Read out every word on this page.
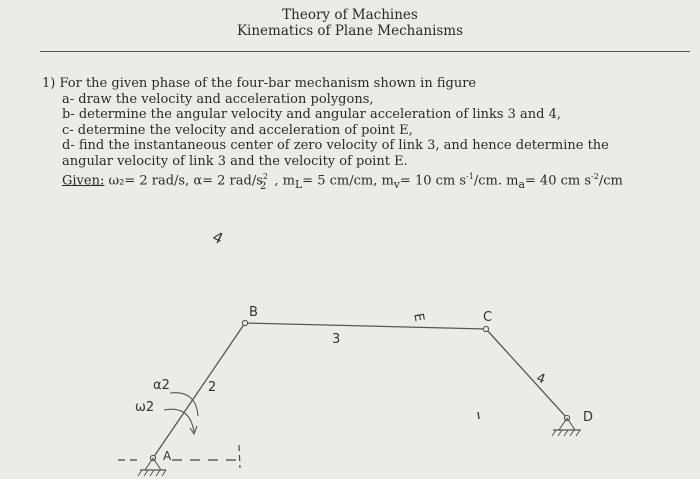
Theory of Machines
Kinematics of Plane Mechanisms
1) For the given phase of the four-bar mechanism shown in figure
a- draw the velocity and acceleration polygons,
b- determine the angular velocity and angular acceleration of links 3 and 4,
c- determine the velocity and acceleration of point E,
d- find the instantaneous center of zero velocity of link 3, and hence determine the
angular velocity of link 3 and the velocity of point E.
Given: ω₂= 2 rad/s, α= 2 rad/$s^2_2$ , $m_L= 5$ cm/cm, $m_v= 10$ cm $s^{-1}/cm$. $m_a= 40$ cm $s^{-2}/cm$
4
B	E	C
3
4
D
α2
ω2
2
A
